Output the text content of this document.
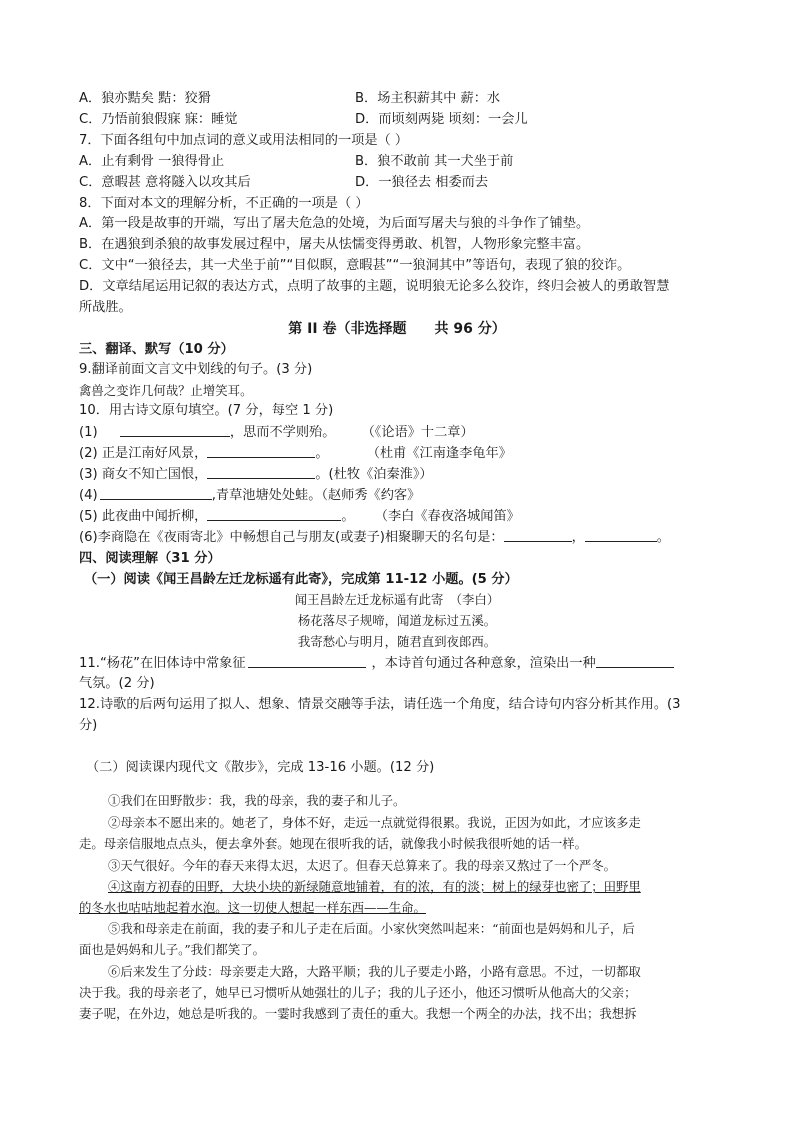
A．狼亦黠矣 黠：狡猾	B．场主积薪其中 薪：水
C．乃悟前狼假寐 寐：睡觉	D．而顷刻两毙 顷刻：一会儿
7．下面各组句中加点词的意义或用法相同的一项是（ ）
A．止有剩骨 一狼得骨止	B．狼不敢前 其一犬坐于前
C．意暇甚 意将隧入以攻其后	D．一狼径去 相委而去
8．下面对本文的理解分析，不正确的一项是（ ）
A．第一段是故事的开端，写出了屠夫危急的处境，为后面写屠夫与狼的斗争作了铺垫。
B．在遇狼到杀狼的故事发展过程中，屠夫从怯懦变得勇敢、机智，人物形象完整丰富。
C．文中“一狼径去，其一犬坐于前”“目似瞑，意暇甚”“一狼洞其中”等语句，表现了狼的狡诈。
D．文章结尾运用记叙的表达方式，点明了故事的主题，说明狼无论多么狡诈，终归会被人的勇敢智慧
所战胜。
第 II 卷（非选择题　　共 96 分）
三、翻译、默写（10 分）
9.翻译前面文言文中划线的句子。(3 分)
禽兽之变诈几何哉？止增笑耳。
10．用古诗文原句填空。(7 分，每空 1 分)
(1)	，思而不学则殆。 （《论语》十二章）
(2) 正是江南好风景，	。	（杜甫《江南逢李龟年》
(3) 商女不知亡国恨，	。(杜牧《泊秦淮》）
(4)	,青草池塘处处蛙。（赵师秀《约客》
(5) 此夜曲中闻折柳，	。 （李白《春夜洛城闻笛》
(6)李商隐在《夜雨寄北》中畅想自己与朋友(或妻子)相聚聊天的名句是：	，	。
四、阅读理解（31 分）
（一）阅读《闻王昌龄左迁龙标遥有此寄》，完成第 11-12 小题。(5 分）
闻王昌龄左迁龙标遥有此寄　（李白）
杨花落尽子规啼，闻道龙标过五溪。
我寄愁心与明月，随君直到夜郎西。
11.“杨花”在旧体诗中常象征	，本诗首句通过各种意象，渲染出一种
气氛。(2 分)
12.诗歌的后两句运用了拟人、想象、情景交融等手法，请任选一个角度，结合诗句内容分析其作用。(3
分)
（二）阅读课内现代文《散步》，完成 13-16 小题。(12 分)
①我们在田野散步：我，我的母亲，我的妻子和儿子。
②母亲本不愿出来的。她老了，身体不好，走远一点就觉得很累。我说，正因为如此，才应该多走
走。母亲信服地点点头，便去拿外套。她现在很听我的话，就像我小时候我很听她的话一样。
③天气很好。今年的春天来得太迟，太迟了。但春天总算来了。我的母亲又熬过了一个严冬。
④这南方初春的田野，大块小块的新绿随意地铺着，有的浓，有的淡；树上的绿芽也密了；田野里
的冬水也咕咕地起着水泡。这一切使人想起一样东西——生命。
⑤我和母亲走在前面，我的妻子和儿子走在后面。小家伙突然叫起来：“前面也是妈妈和儿子，后
面也是妈妈和儿子。”我们都笑了。
⑥后来发生了分歧：母亲要走大路，大路平顺；我的儿子要走小路，小路有意思。不过，一切都取
决于我。我的母亲老了，她早已习惯听从她强壮的儿子；我的儿子还小，他还习惯听从他高大的父亲；
妻子呢，在外边，她总是听我的。一霎时我感到了责任的重大。我想一个两全的办法，找不出；我想拆
